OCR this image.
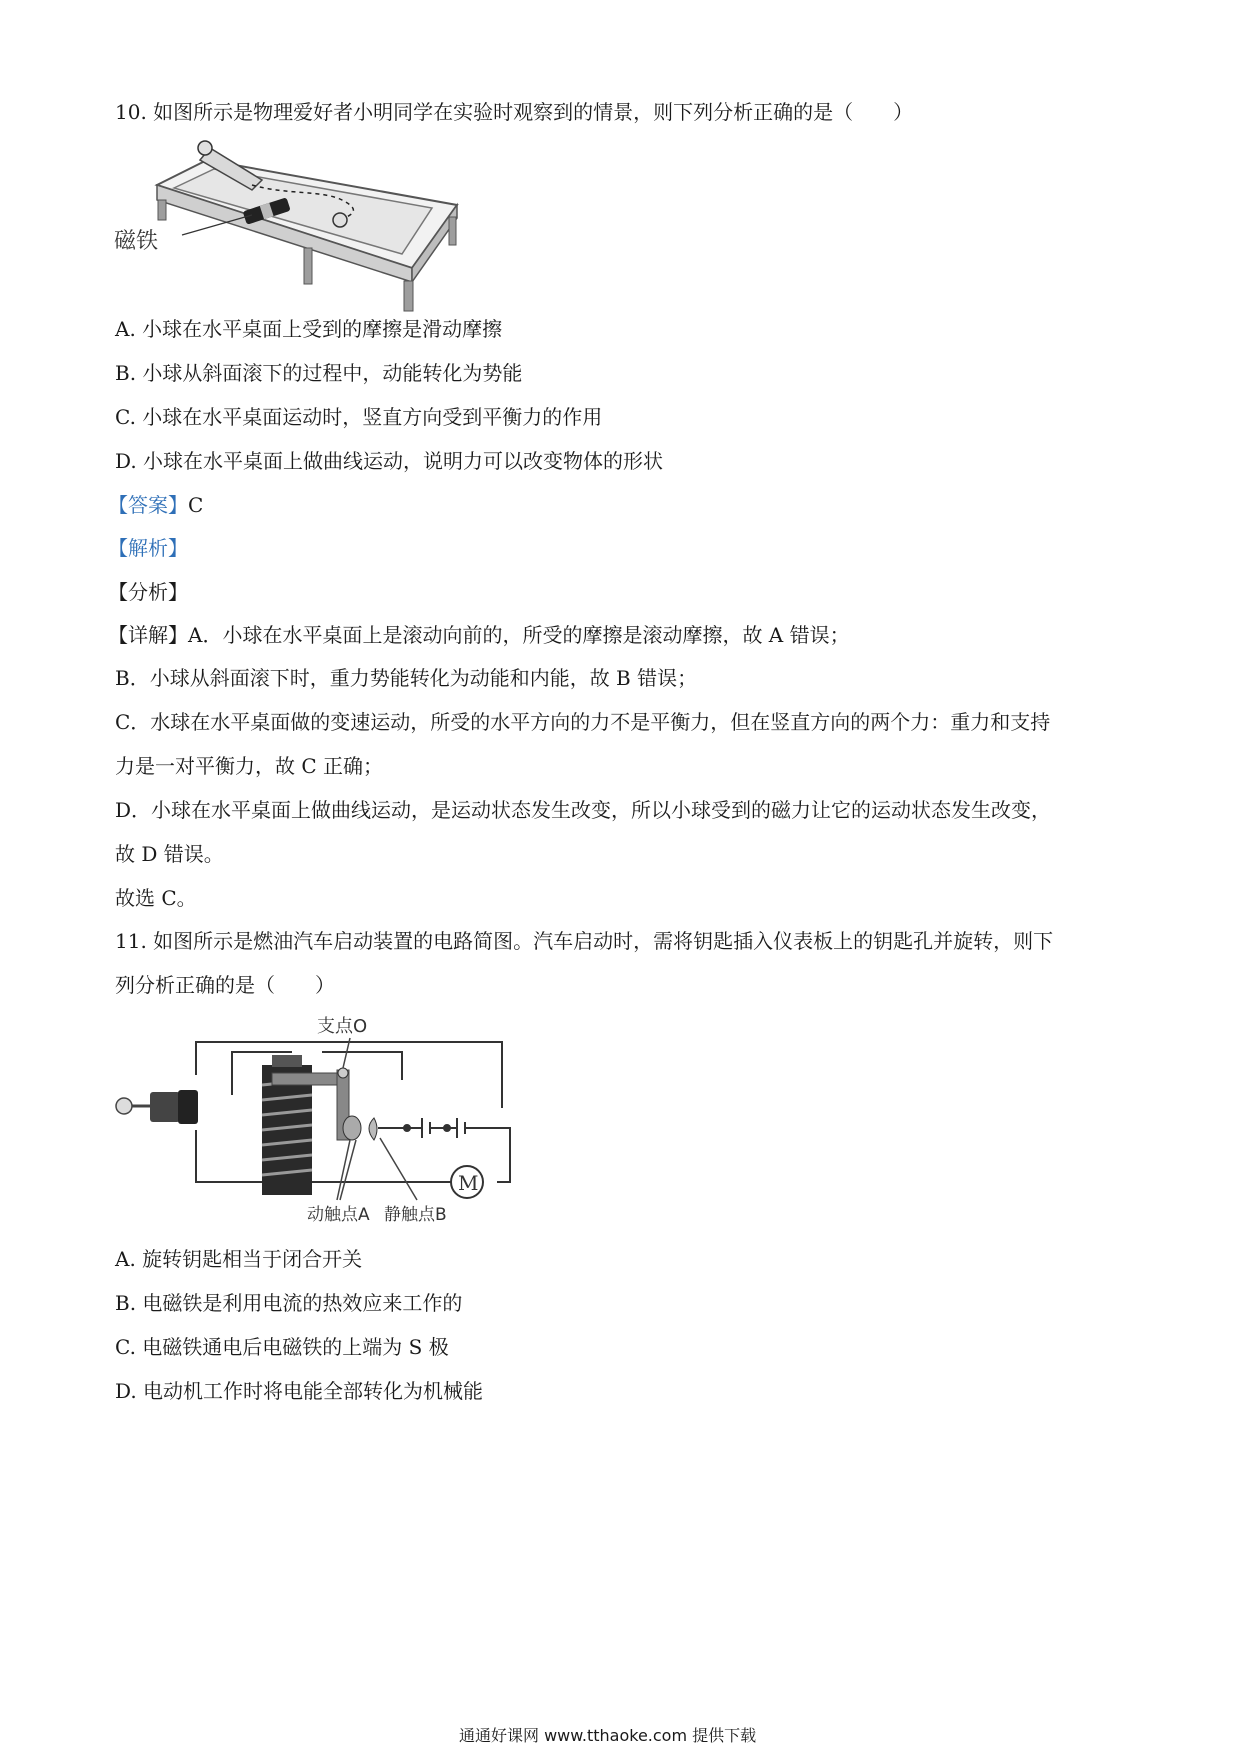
10. 如图所示是物理爱好者小明同学在实验时观察到的情景，则下列分析正确的是（　　）
磁铁
A. 小球在水平桌面上受到的摩擦是滑动摩擦
B. 小球从斜面滚下的过程中，动能转化为势能
C. 小球在水平桌面运动时，竖直方向受到平衡力的作用
D. 小球在水平桌面上做曲线运动，说明力可以改变物体的形状
【答案】C
【解析】
【分析】
【详解】A．小球在水平桌面上是滚动向前的，所受的摩擦是滚动摩擦，故 A 错误；
B．小球从斜面滚下时，重力势能转化为动能和内能，故 B 错误；
C．水球在水平桌面做的变速运动，所受的水平方向的力不是平衡力，但在竖直方向的两个力：重力和支持
力是一对平衡力，故 C 正确；
D．小球在水平桌面上做曲线运动，是运动状态发生改变，所以小球受到的磁力让它的运动状态发生改变，
故 D 错误。
故选 C。
11. 如图所示是燃油汽车启动装置的电路简图。汽车启动时，需将钥匙插入仪表板上的钥匙孔并旋转，则下
列分析正确的是（　　）
M
支点O
动触点A 静触点B
A. 旋转钥匙相当于闭合开关
B. 电磁铁是利用电流的热效应来工作的
C. 电磁铁通电后电磁铁的上端为 S 极
D. 电动机工作时将电能全部转化为机械能
通通好课网 www.tthaoke.com 提供下载
